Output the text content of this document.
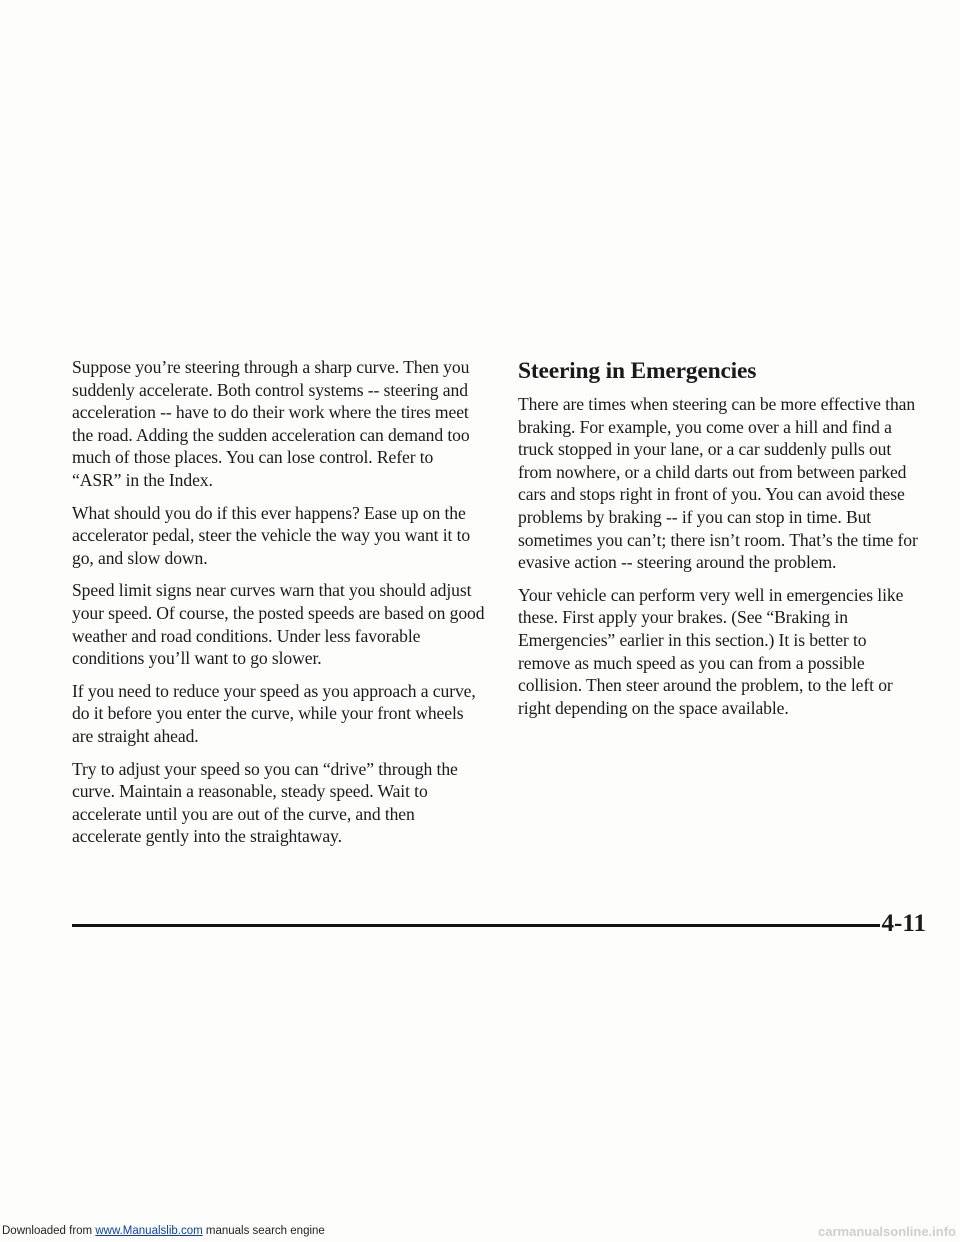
Suppose you’re steering through a sharp curve. Then you suddenly accelerate. Both control systems -- steering and acceleration -- have to do their work where the tires meet the road. Adding the sudden acceleration can demand too much of those places. You can lose control. Refer to “ASR” in the Index.

What should you do if this ever happens? Ease up on the accelerator pedal, steer the vehicle the way you want it to go, and slow down.

Speed limit signs near curves warn that you should adjust your speed. Of course, the posted speeds are based on good weather and road conditions. Under less favorable conditions you’ll want to go slower.

If you need to reduce your speed as you approach a curve, do it before you enter the curve, while your front wheels are straight ahead.

Try to adjust your speed so you can “drive” through the curve. Maintain a reasonable, steady speed. Wait to accelerate until you are out of the curve, and then accelerate gently into the straightaway.

Steering in Emergencies

There are times when steering can be more effective than braking. For example, you come over a hill and find a truck stopped in your lane, or a car suddenly pulls out from nowhere, or a child darts out from between parked cars and stops right in front of you. You can avoid these problems by braking -- if you can stop in time. But sometimes you can’t; there isn’t room. That’s the time for evasive action -- steering around the problem.

Your vehicle can perform very well in emergencies like these. First apply your brakes. (See “Braking in Emergencies” earlier in this section.) It is better to remove as much speed as you can from a possible collision. Then steer around the problem, to the left or right depending on the space available.

4-11
Downloaded from www.Manualslib.com manuals search engine	carmanualsonline.info
